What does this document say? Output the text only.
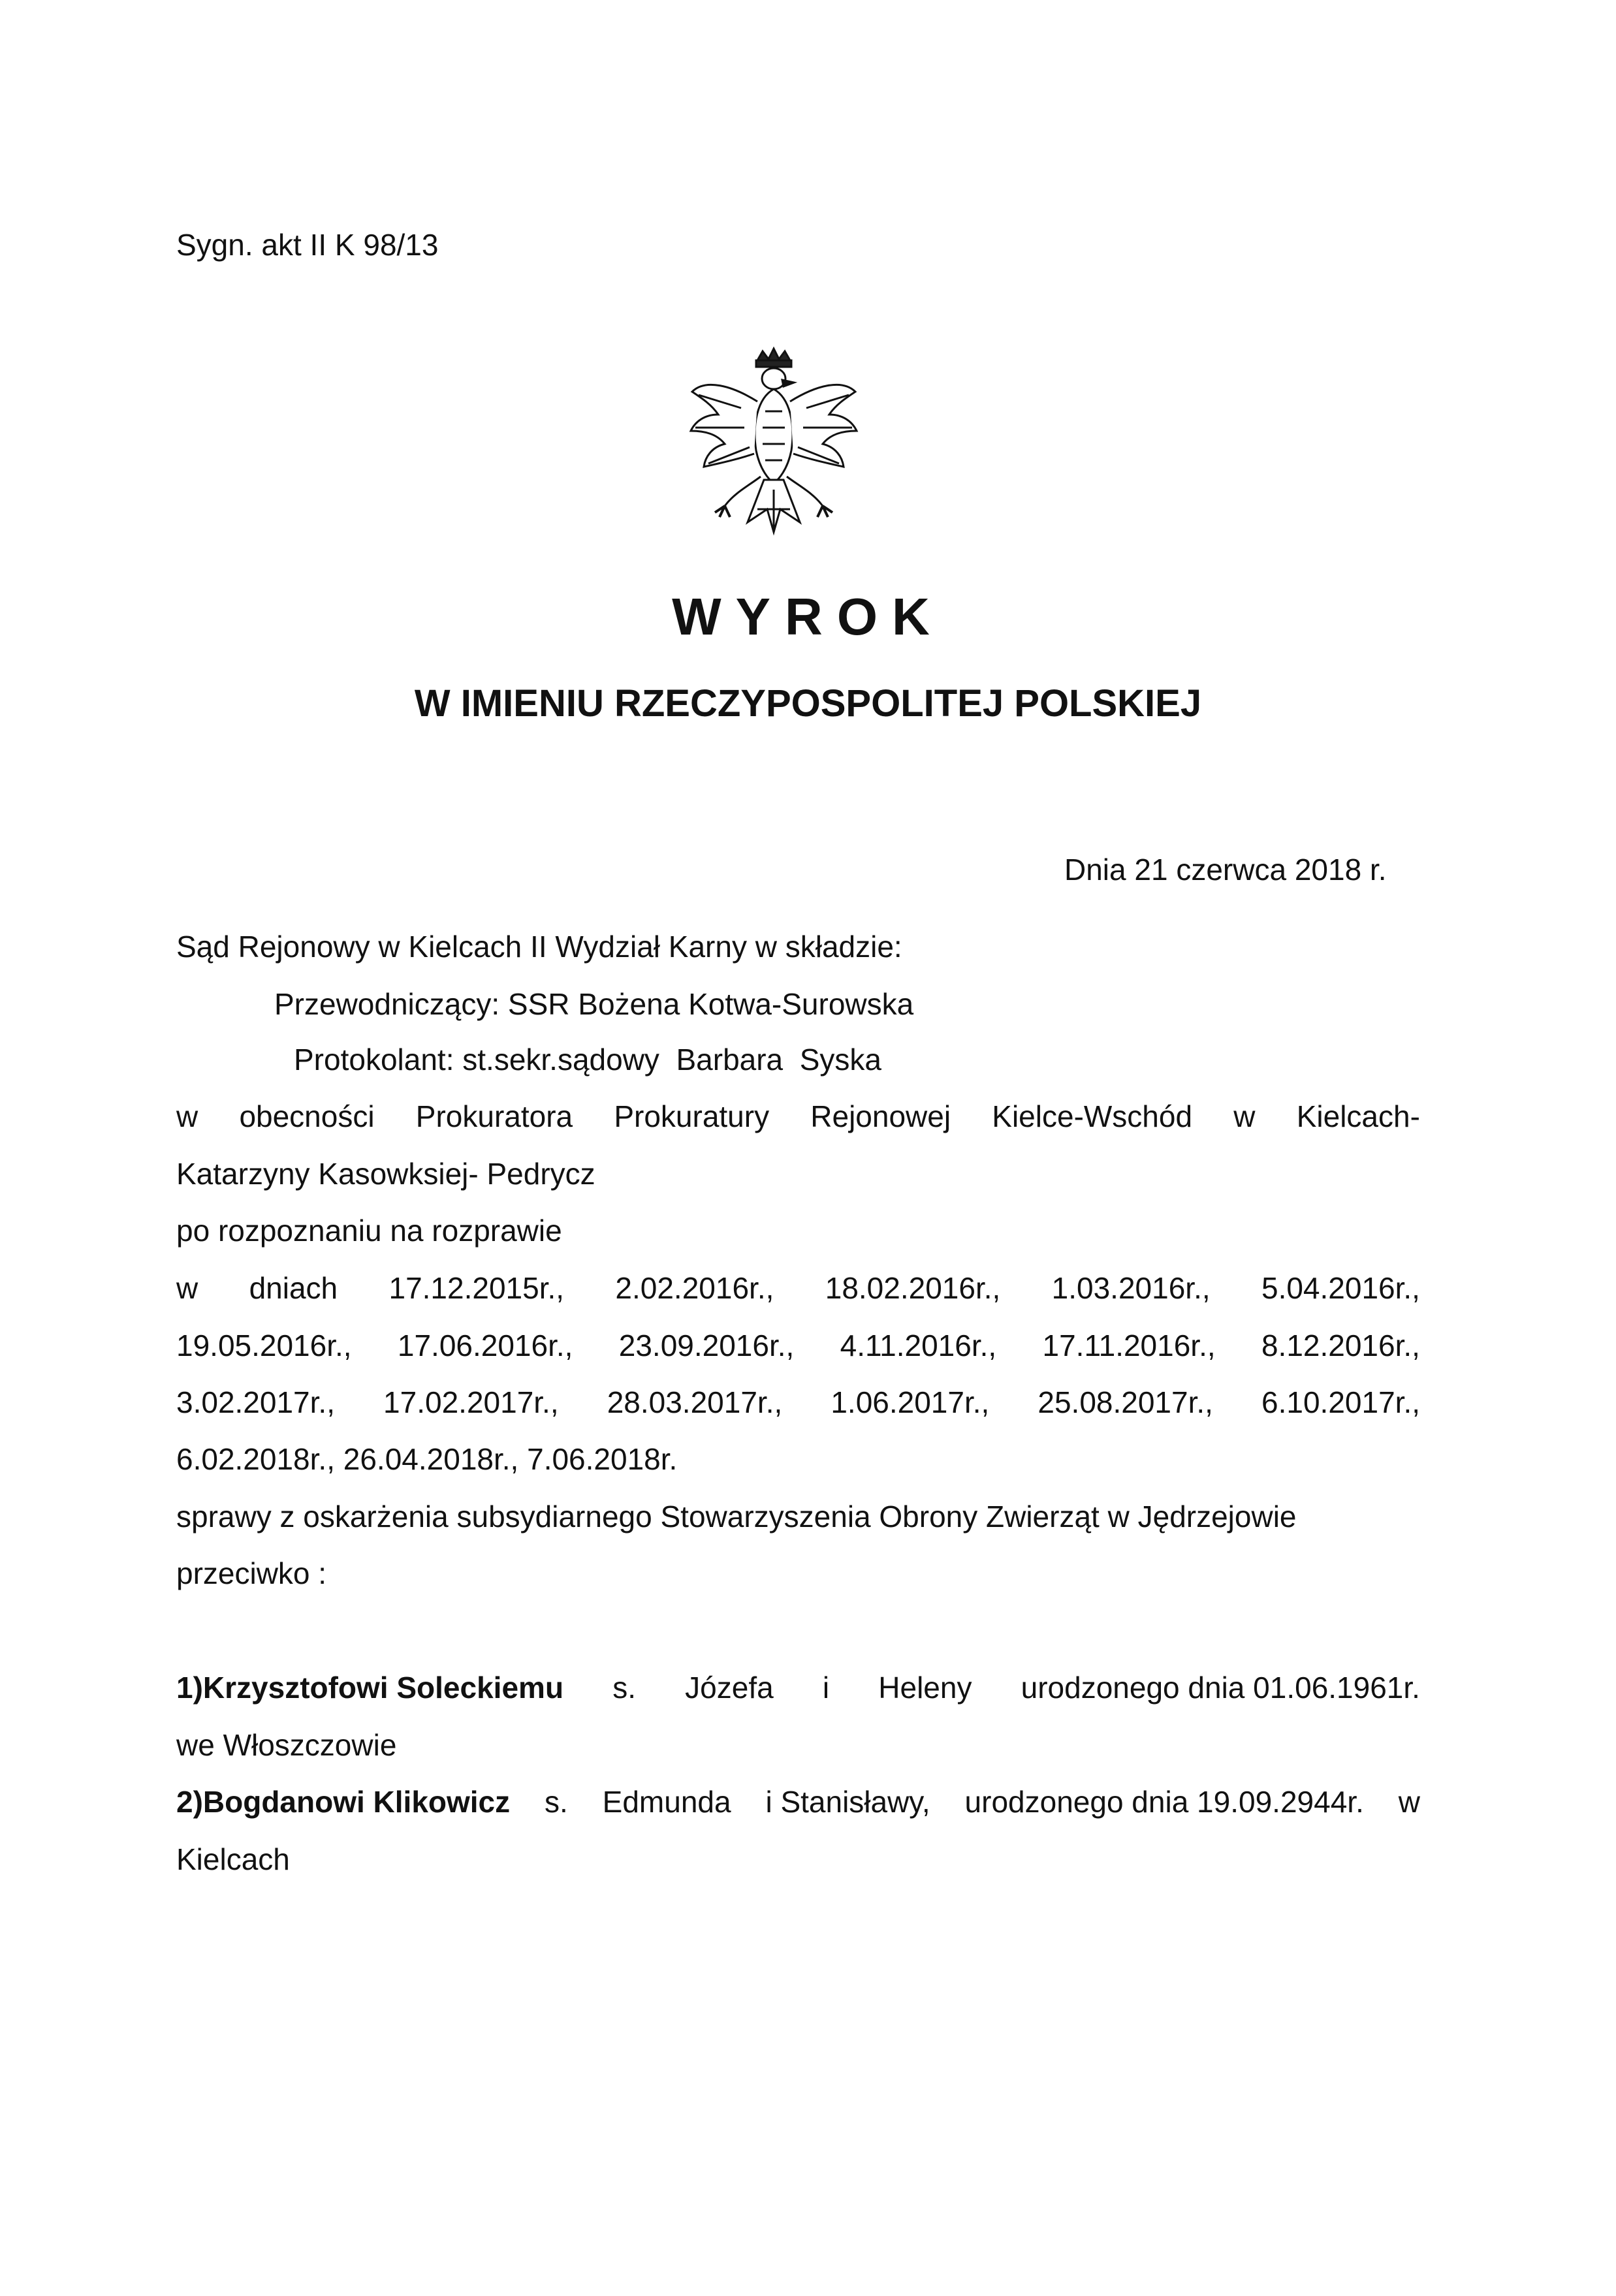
Sygn. akt II K 98/13
WYROK
W IMIENIU RZECZYPOSPOLITEJ POLSKIEJ
Dnia 21 czerwca 2018 r.
Sąd Rejonowy w Kielcach II Wydział Karny w składzie:
Przewodniczący: SSR Bożena Kotwa-Surowska
Protokolant: st.sekr.sądowy  Barbara  Syska
w obecności Prokuratora Prokuratury Rejonowej Kielce-Wschód w Kielcach-
Katarzyny Kasowksiej- Pedrycz
po rozpoznaniu na rozprawie
w dniach 17.12.2015r., 2.02.2016r., 18.02.2016r., 1.03.2016r., 5.04.2016r.,
19.05.2016r., 17.06.2016r., 23.09.2016r., 4.11.2016r., 17.11.2016r., 8.12.2016r.,
3.02.2017r., 17.02.2017r., 28.03.2017r., 1.06.2017r., 25.08.2017r., 6.10.2017r.,
6.02.2018r., 26.04.2018r., 7.06.2018r.
sprawy z oskarżenia subsydiarnego Stowarzyszenia Obrony Zwierząt w Jędrzejowie
przeciwko :
1)Krzysztofowi Soleckiemu s. Józefa i Heleny urodzonego dnia 01.06.1961r.
we Włoszczowie
2)Bogdanowi Klikowicz s. Edmunda i Stanisławy, urodzonego dnia 19.09.2944r. w
Kielcach
